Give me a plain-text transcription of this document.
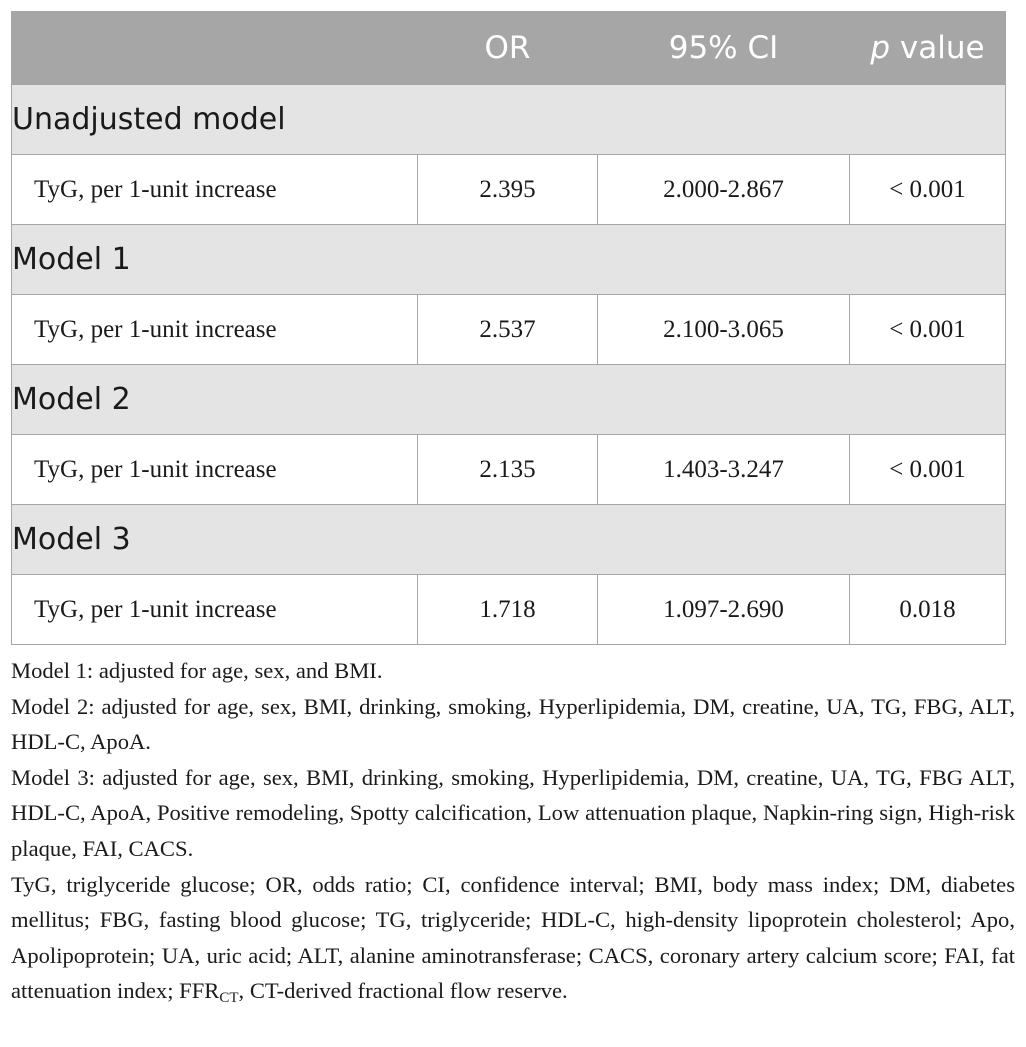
	OR	95% CI	p value
Unadjusted model			
TyG, per 1-unit increase	2.395	2.000-2.867	< 0.001
Model 1			
TyG, per 1-unit increase	2.537	2.100-3.065	< 0.001
Model 2			
TyG, per 1-unit increase	2.135	1.403-3.247	< 0.001
Model 3			
TyG, per 1-unit increase	1.718	1.097-2.690	0.018

Model 1: adjusted for age, sex, and BMI.

Model 2: adjusted for age, sex, BMI, drinking, smoking, Hyperlipidemia, DM, creatine, UA, TG, FBG, ALT, HDL-C, ApoA.

Model 3: adjusted for age, sex, BMI, drinking, smoking, Hyperlipidemia, DM, creatine, UA, TG, FBG ALT, HDL-C, ApoA, Positive remodeling, Spotty calcification, Low attenuation plaque, Napkin-ring sign, High-risk plaque, FAI, CACS.

TyG, triglyceride glucose; OR, odds ratio; CI, confidence interval; BMI, body mass index; DM, diabetes mellitus; FBG, fasting blood glucose; TG, triglyceride; HDL-C, high-density lipoprotein cholesterol; Apo, Apolipoprotein; UA, uric acid; ALT, alanine aminotransferase; CACS, coronary artery calcium score; FAI, fat attenuation index; $FFR_{CT}$, CT-derived fractional flow reserve.
